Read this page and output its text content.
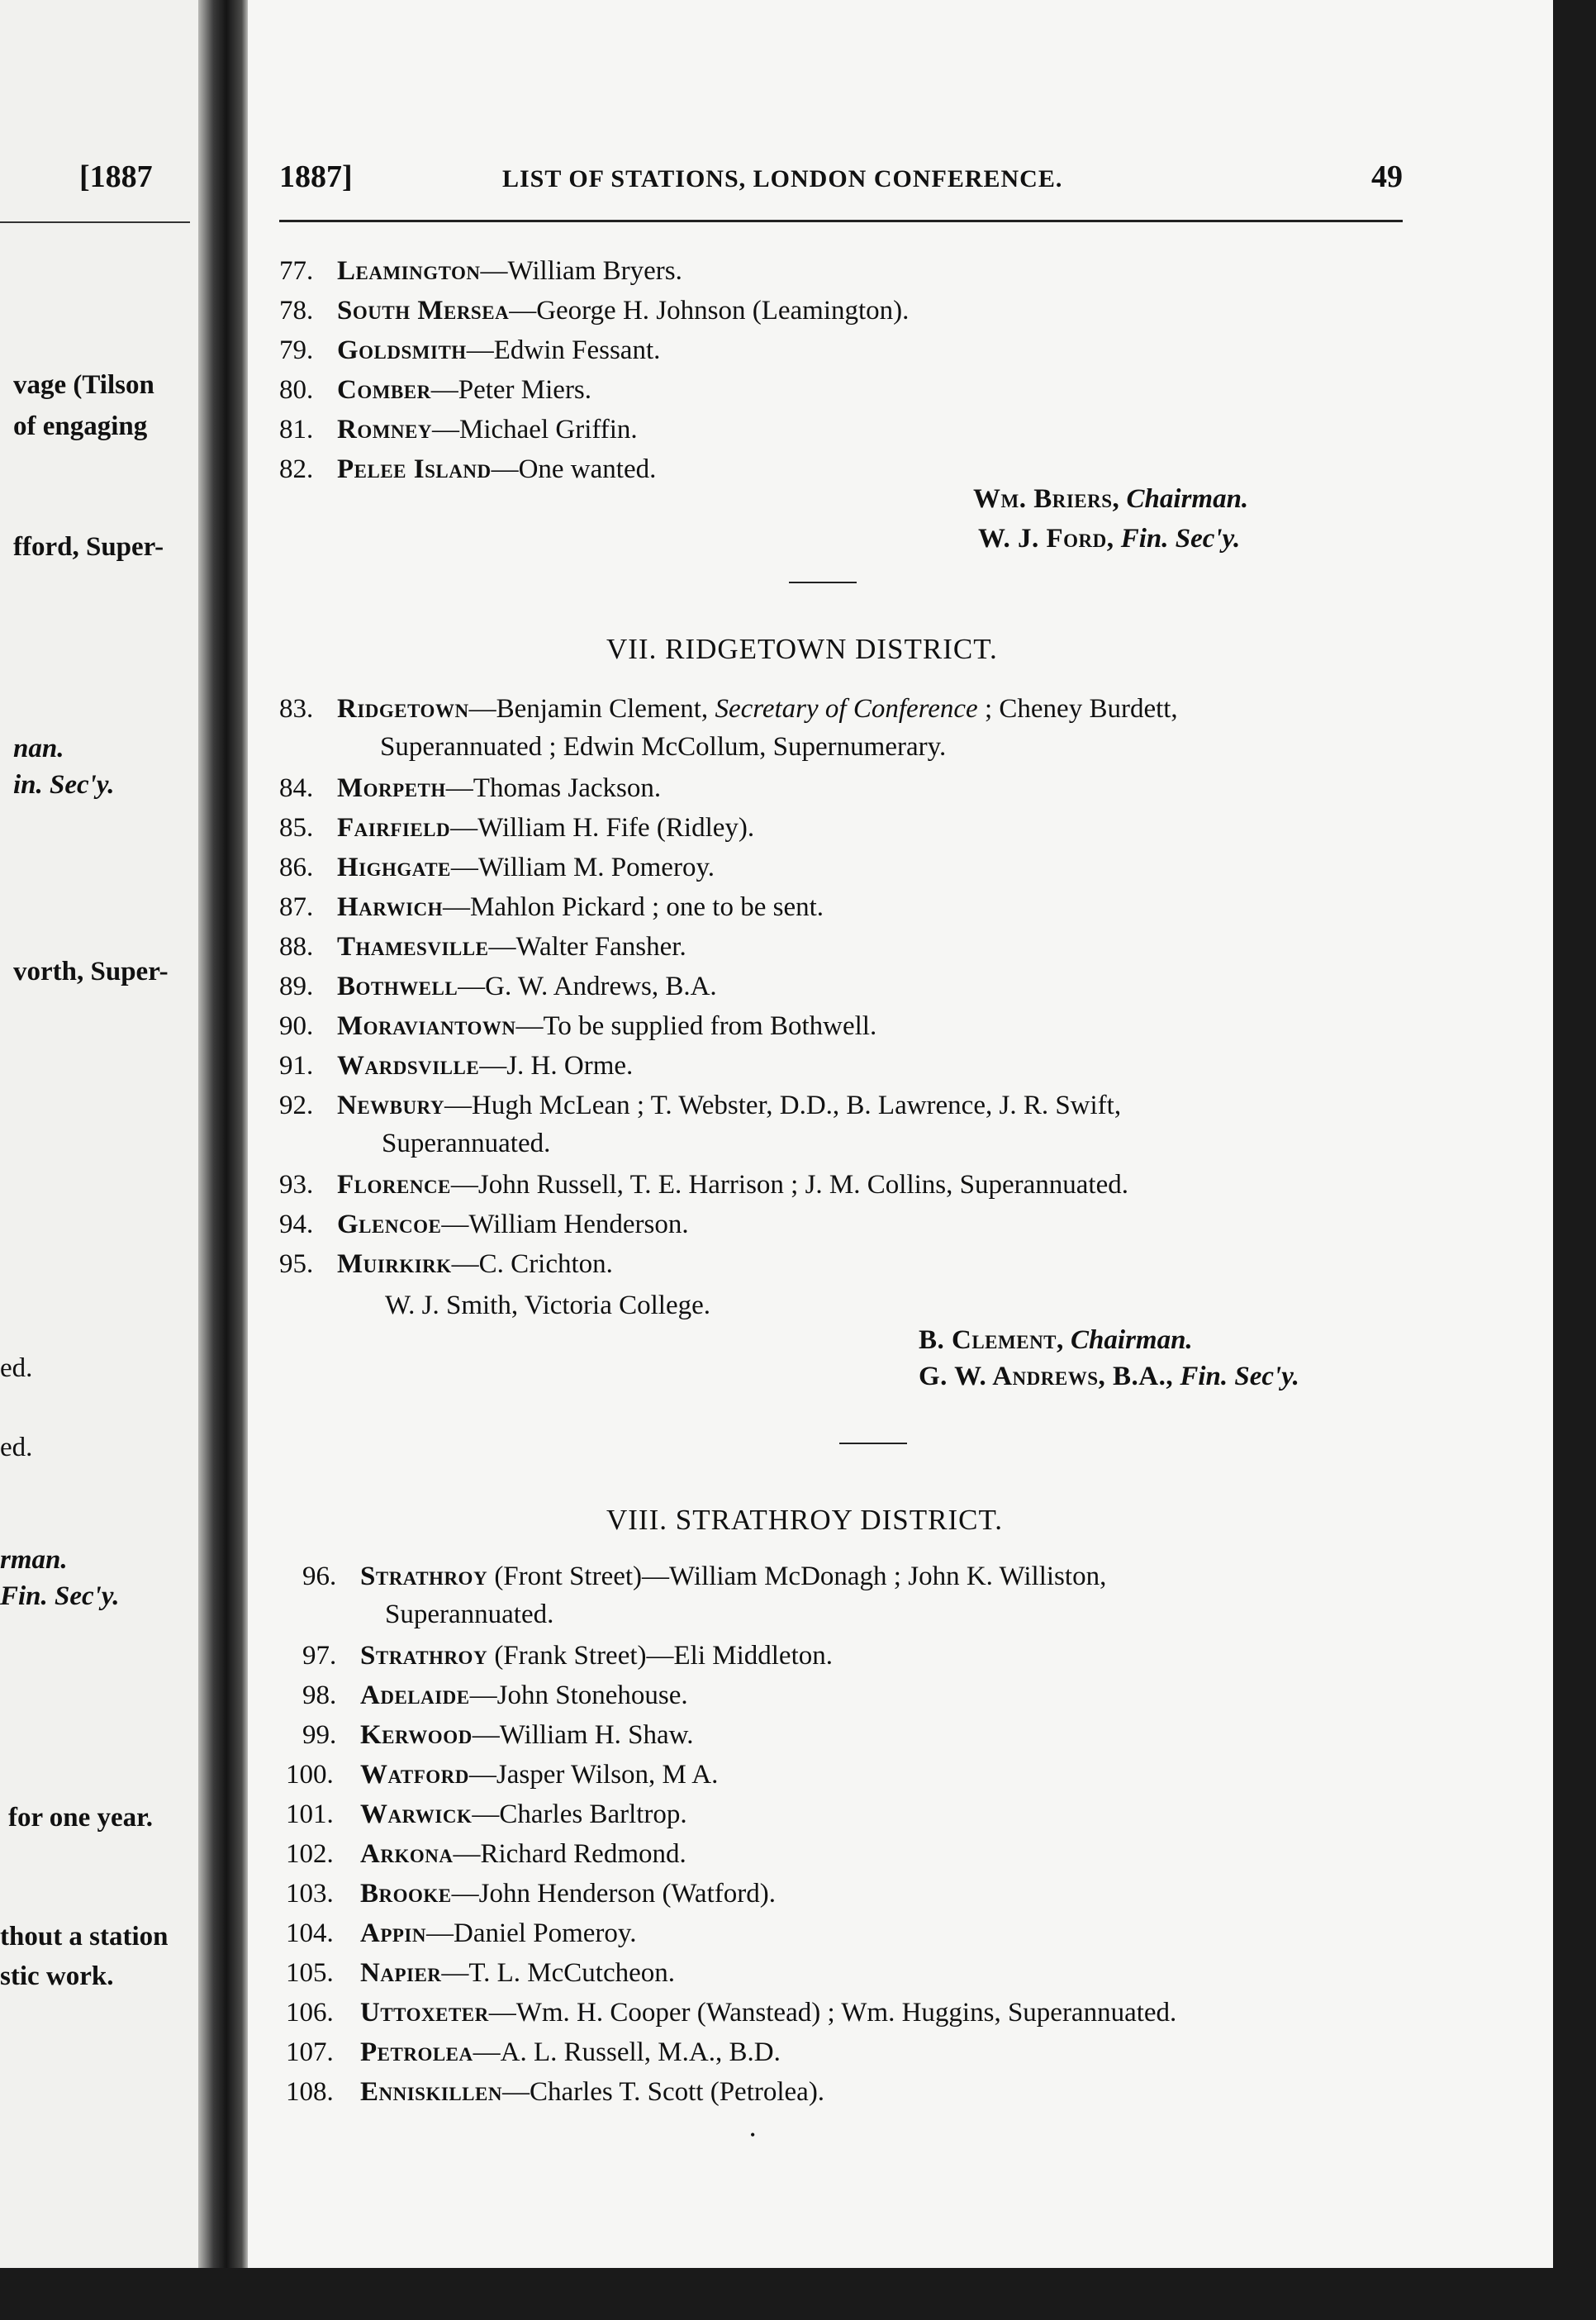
[1887
vage (Tilson
of engaging
fford, Super-
nan.
in. Sec'y.
vorth, Super-
ed.
ed.
rman.
Fin. Sec'y.
for one year.
thout a station
stic work.
1887]	LIST OF STATIONS, LONDON CONFERENCE.	49
77. Leamington—William Bryers.
78. South Mersea—George H. Johnson (Leamington).
79. Goldsmith—Edwin Fessant.
80. Comber—Peter Miers.
81. Romney—Michael Griffin.
82. Pelee Island—One wanted.
Wm. Briers, Chairman.
W. J. Ford, Fin. Sec'y.
VII. RIDGETOWN DISTRICT.
83. Ridgetown—Benjamin Clement, Secretary of Conference ; Cheney Burdett,
Superannuated ; Edwin McCollum, Supernumerary.
84. Morpeth—Thomas Jackson.
85. Fairfield—William H. Fife (Ridley).
86. Highgate—William M. Pomeroy.
87. Harwich—Mahlon Pickard ; one to be sent.
88. Thamesville—Walter Fansher.
89. Bothwell—G. W. Andrews, B.A.
90. Moraviantown—To be supplied from Bothwell.
91. Wardsville—J. H. Orme.
92. Newbury—Hugh McLean ; T. Webster, D.D., B. Lawrence, J. R. Swift,
Superannuated.
93. Florence—John Russell, T. E. Harrison ; J. M. Collins, Superannuated.
94. Glencoe—William Henderson.
95. Muirkirk—C. Crichton.
W. J. Smith, Victoria College.
B. Clement, Chairman.
G. W. Andrews, B.A., Fin. Sec'y.
VIII. STRATHROY DISTRICT.
96. Strathroy (Front Street)—William McDonagh ; John K. Williston,
Superannuated.
97. Strathroy (Frank Street)—Eli Middleton.
98. Adelaide—John Stonehouse.
99. Kerwood—William H. Shaw.
100. Watford—Jasper Wilson, M A.
101. Warwick—Charles Barltrop.
102. Arkona—Richard Redmond.
103. Brooke—John Henderson (Watford).
104. Appin—Daniel Pomeroy.
105. Napier—T. L. McCutcheon.
106. Uttoxeter—Wm. H. Cooper (Wanstead) ; Wm. Huggins, Superannuated.
107. Petrolea—A. L. Russell, M.A., B.D.
108. Enniskillen—Charles T. Scott (Petrolea).
•
